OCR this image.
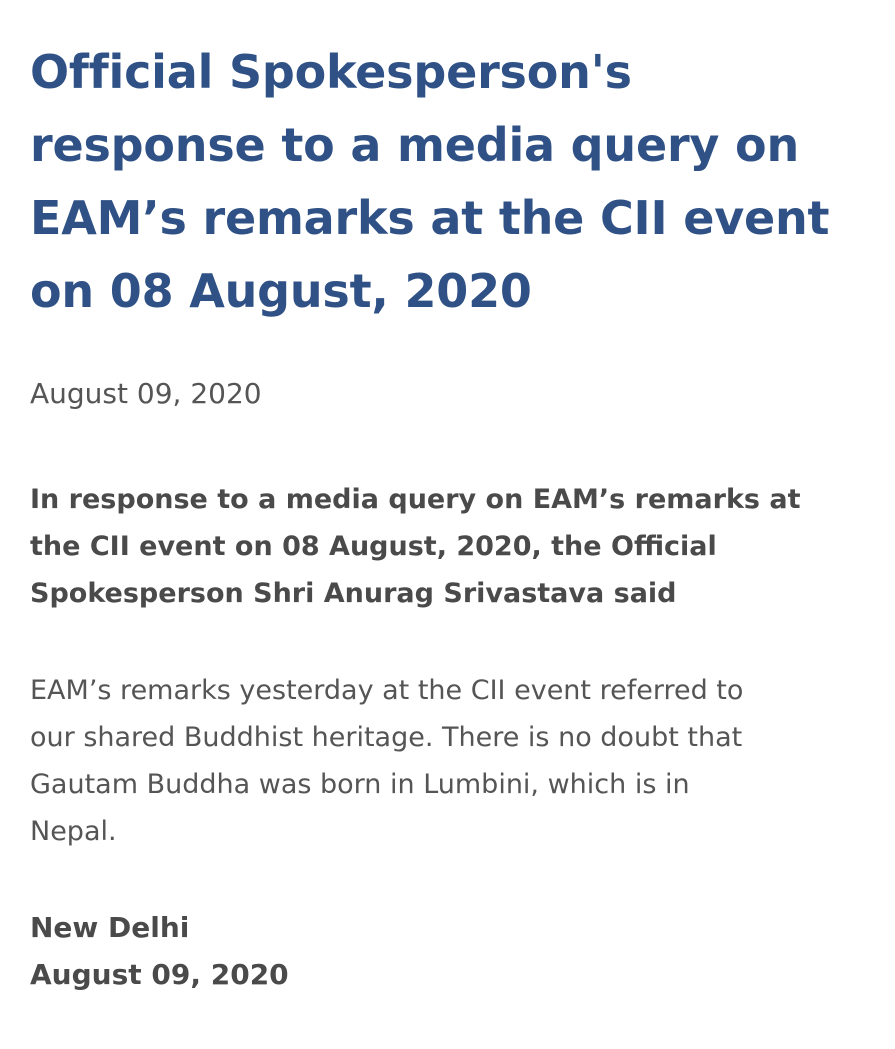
Official Spokesperson's
response to a media query on
EAM’s remarks at the CII event
on 08 August, 2020

August 09, 2020

In response to a media query on EAM’s remarks at
the CII event on 08 August, 2020, the Official
Spokesperson Shri Anurag Srivastava said

EAM’s remarks yesterday at the CII event referred to
our shared Buddhist heritage. There is no doubt that
Gautam Buddha was born in Lumbini, which is in
Nepal.

New Delhi
August 09, 2020
